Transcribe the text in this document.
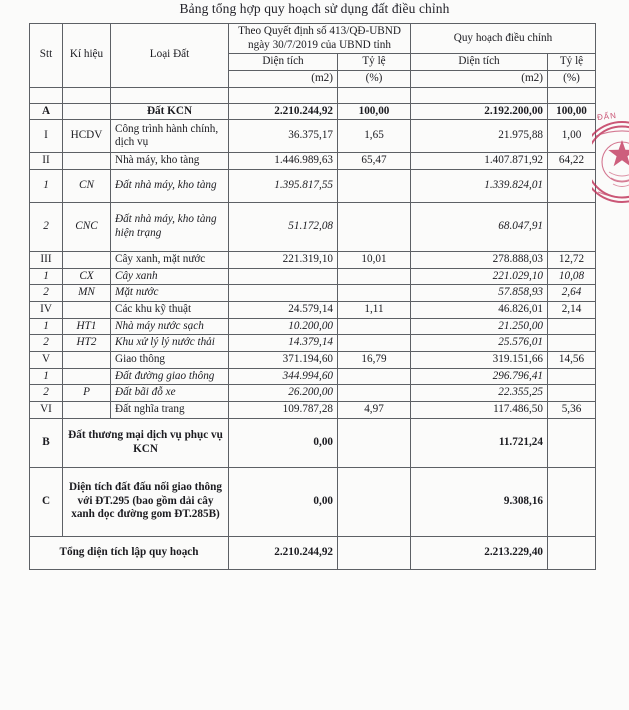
Bảng tổng hợp quy hoạch sử dụng đất điều chỉnh
Stt	Kí hiệu	Loại Đất	Theo Quyết định số 413/QĐ-UBND ngày 30/7/2019 của UBND tỉnh		Quy hoạch điều chỉnh	
			Diện tích	Tỷ lệ	Diện tích	Tỷ lệ
			(m2)	(%)	(m2)	(%)

A		Đất KCN	2.210.244,92	100,00	2.192.200,00	100,00
I	HCDV	Công trình hành chính, dịch vụ	36.375,17	1,65	21.975,88	1,00
II		Nhà máy, kho tàng	1.446.989,63	65,47	1.407.871,92	64,22
1	CN	Đất nhà máy, kho tàng	1.395.817,55		1.339.824,01	
2	CNC	Đất nhà máy, kho tàng hiện trạng	51.172,08		68.047,91	
III		Cây xanh, mặt nước	221.319,10	10,01	278.888,03	12,72
1	CX	Cây xanh			221.029,10	10,08
2	MN	Mặt nước			57.858,93	2,64
IV		Các khu kỹ thuật	24.579,14	1,11	46.826,01	2,14
1	HT1	Nhà máy nước sạch	10.200,00		21.250,00	
2	HT2	Khu xử lý lý nước thải	14.379,14		25.576,01	
V		Giao thông	371.194,60	16,79	319.151,66	14,56
1		Đất đường giao thông	344.994,60		296.796,41	
2	P	Đất bãi đỗ xe	26.200,00		22.355,25	
VI		Đất nghĩa trang	109.787,28	4,97	117.486,50	5,36
B	Đất thương mại dịch vụ phục vụ KCN		0,00		11.721,24	
C	Diện tích đất đấu nối giao thông với ĐT.295 (bao gồm dải cây xanh dọc đường gom ĐT.285B)		0,00		9.308,16	
Tổng diện tích lập quy hoạch			2.210.244,92		2.213.229,40	
ĐẤN
